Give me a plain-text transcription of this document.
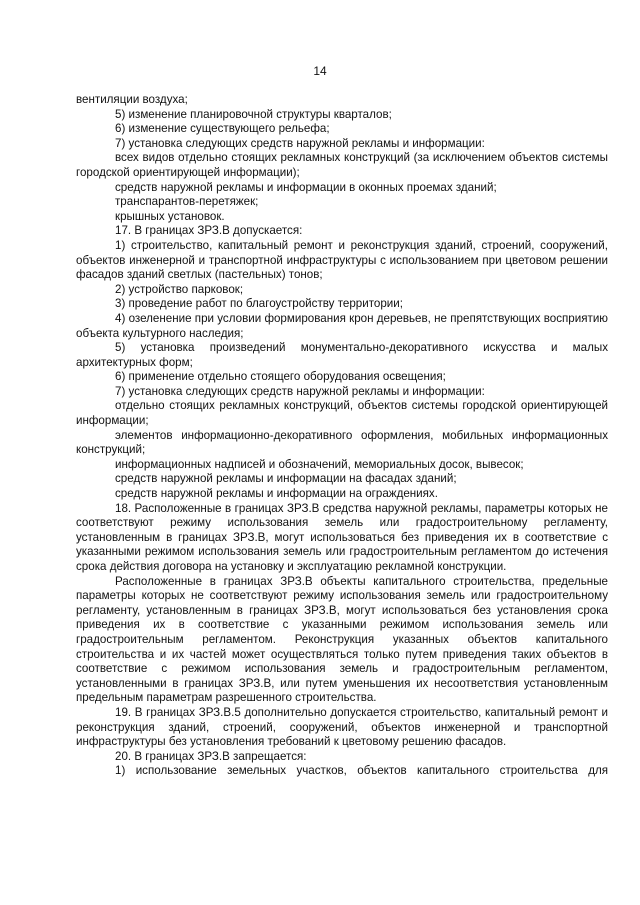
14

вентиляции воздуха;

5) изменение планировочной структуры кварталов;

6) изменение существующего рельефа;

7) установка следующих средств наружной рекламы и информации:

всех видов отдельно стоящих рекламных конструкций (за исключением объектов системы городской ориентирующей информации);

средств наружной рекламы и информации в оконных проемах зданий;

транспарантов-перетяжек;

крышных установок.

17. В границах ЗРЗ.В допускается:

1) строительство, капитальный ремонт и реконструкция зданий, строений, сооружений, объектов инженерной и транспортной инфраструктуры с использованием при цветовом решении фасадов зданий светлых (пастельных) тонов;

2) устройство парковок;

3) проведение работ по благоустройству территории;

4) озеленение при условии формирования крон деревьев, не препятствующих восприятию объекта культурного наследия;

5) установка произведений монументально-декоративного искусства и малых архитектурных форм;

6) применение отдельно стоящего оборудования освещения;

7) установка следующих средств наружной рекламы и информации:

отдельно стоящих рекламных конструкций, объектов системы городской ориентирующей информации;

элементов информационно-декоративного оформления, мобильных информационных конструкций;

информационных надписей и обозначений, мемориальных досок, вывесок;

средств наружной рекламы и информации на фасадах зданий;

средств наружной рекламы и информации на ограждениях.

18. Расположенные в границах ЗРЗ.В средства наружной рекламы, параметры которых не соответствуют режиму использования земель или градостроительному регламенту, установленным в границах ЗРЗ.В, могут использоваться без приведения их в соответствие с указанными режимом использования земель или градостроительным регламентом до истечения срока действия договора на установку и эксплуатацию рекламной конструкции.

Расположенные в границах ЗРЗ.В объекты капитального строительства, предельные параметры которых не соответствуют режиму использования земель или градостроительному регламенту, установленным в границах ЗРЗ.В, могут использоваться без установления срока приведения их в соответствие с указанными режимом использования земель или градостроительным регламентом. Реконструкция указанных объектов капитального строительства и их частей может осуществляться только путем приведения таких объектов в соответствие с режимом использования земель и градостроительным регламентом, установленными в границах ЗРЗ.В, или путем уменьшения их несоответствия установленным предельным параметрам разрешенного строительства.

19. В границах ЗРЗ.В.5 дополнительно допускается строительство, капитальный ремонт и реконструкция зданий, строений, сооружений, объектов инженерной и транспортной инфраструктуры без установления требований к цветовому решению фасадов.

20. В границах ЗРЗ.В запрещается:

1) использование земельных участков, объектов капитального строительства для
